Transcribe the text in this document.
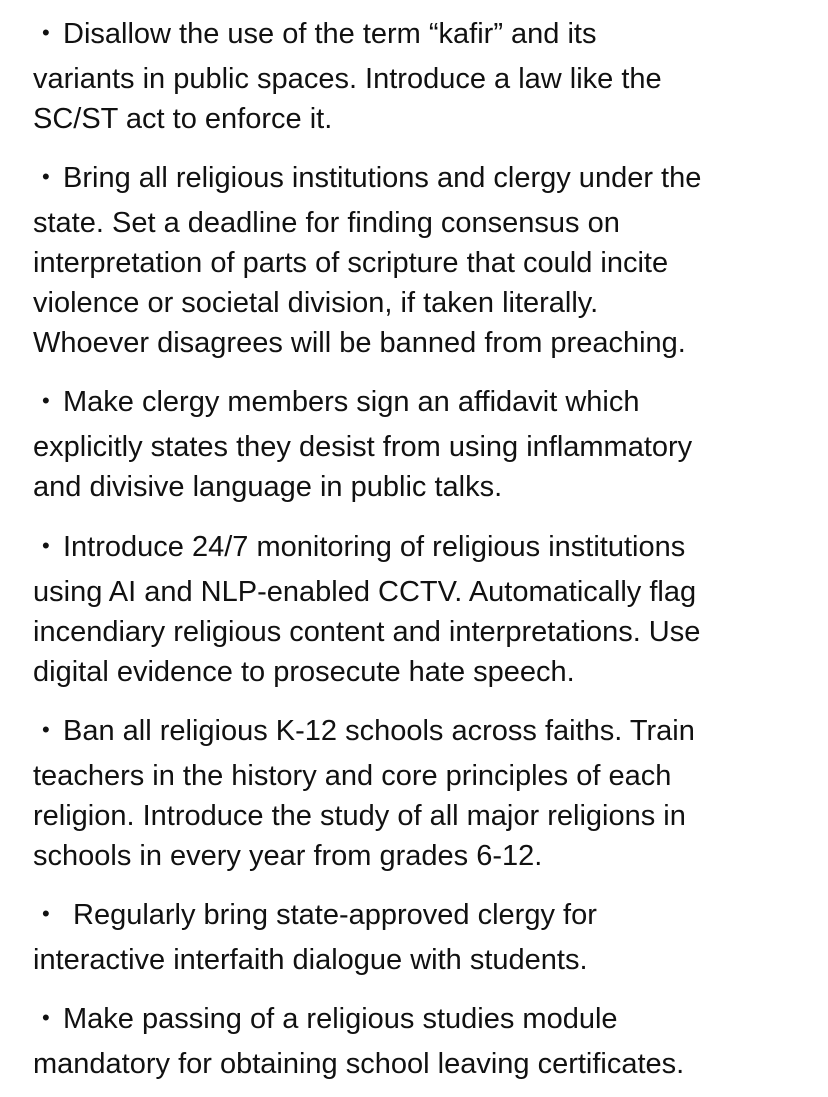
• Disallow the use of the term “kafir” and its
variants in public spaces. Introduce a law like the
SC/ST act to enforce it.
• Bring all religious institutions and clergy under the
state. Set a deadline for finding consensus on
interpretation of parts of scripture that could incite
violence or societal division, if taken literally.
Whoever disagrees will be banned from preaching.
• Make clergy members sign an affidavit which
explicitly states they desist from using inflammatory
and divisive language in public talks.
• Introduce 24/7 monitoring of religious institutions
using AI and NLP-enabled CCTV. Automatically flag
incendiary religious content and interpretations. Use
digital evidence to prosecute hate speech.
• Ban all religious K-12 schools across faiths. Train
teachers in the history and core principles of each
religion. Introduce the study of all major religions in
schools in every year from grades 6-12.
• Regularly bring state-approved clergy for
interactive interfaith dialogue with students.
• Make passing of a religious studies module
mandatory for obtaining school leaving certificates.
